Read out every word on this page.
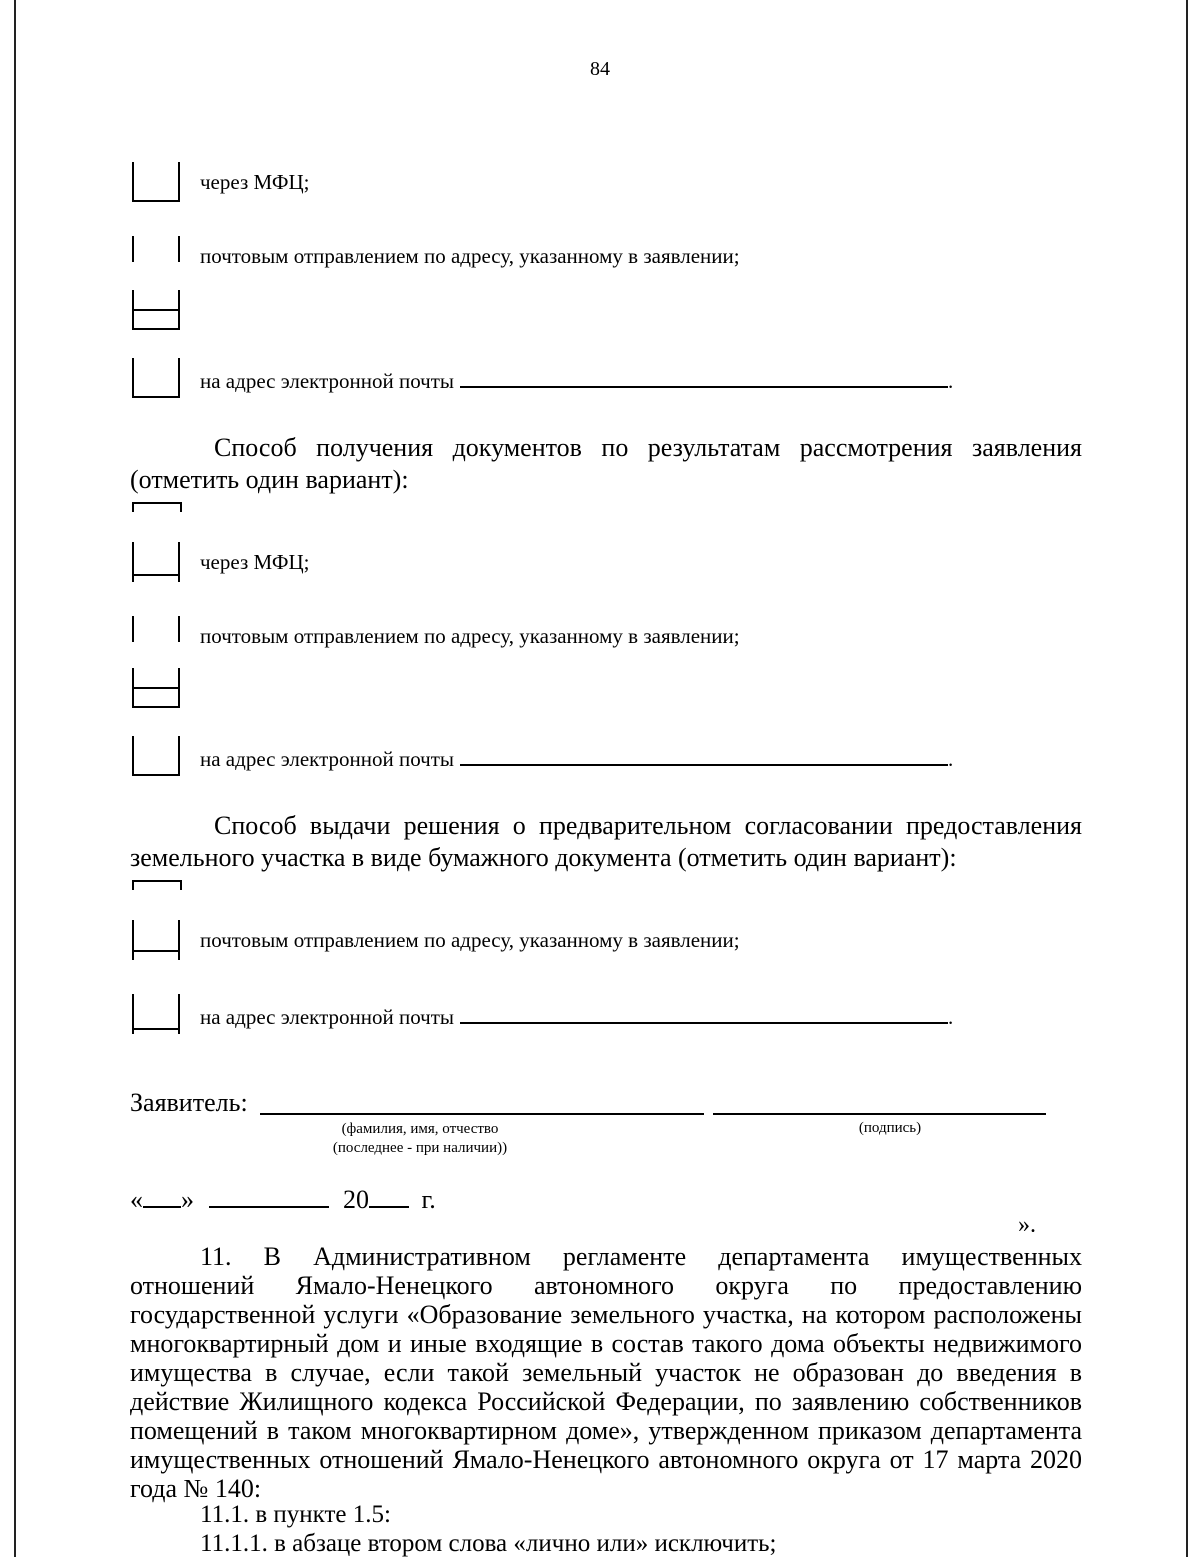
84
через МФЦ;
почтовым отправлением по адресу, указанному в заявлении;
на адрес электронной почты	.
Способ получения документов по результатам рассмотрения заявления (отметить один вариант):
через МФЦ;
почтовым отправлением по адресу, указанному в заявлении;
на адрес электронной почты	.
Способ выдачи решения о предварительном согласовании предоставления земельного участка в виде бумажного документа (отметить один вариант):
почтовым отправлением по адресу, указанному в заявлении;
на адрес электронной почты	.
Заявитель:
(фамилия, имя, отчество
(последнее - при наличии))
(подпись)
« »	20 г.
».

11. В Административном регламенте департамента имущественных отношений Ямало-Ненецкого автономного округа по предоставлению государственной услуги «Образование земельного участка, на котором расположены многоквартирный дом и иные входящие в состав такого дома объекты недвижимого имущества в случае, если такой земельный участок не образован до введения в действие Жилищного кодекса Российской Федерации, по заявлению собственников помещений в таком многоквартирном доме», утвержденном приказом департамента имущественных отношений Ямало-Ненецкого автономного округа от 17 марта 2020 года № 140:

11.1. в пункте 1.5:
11.1.1. в абзаце втором слова «лично или» исключить;
